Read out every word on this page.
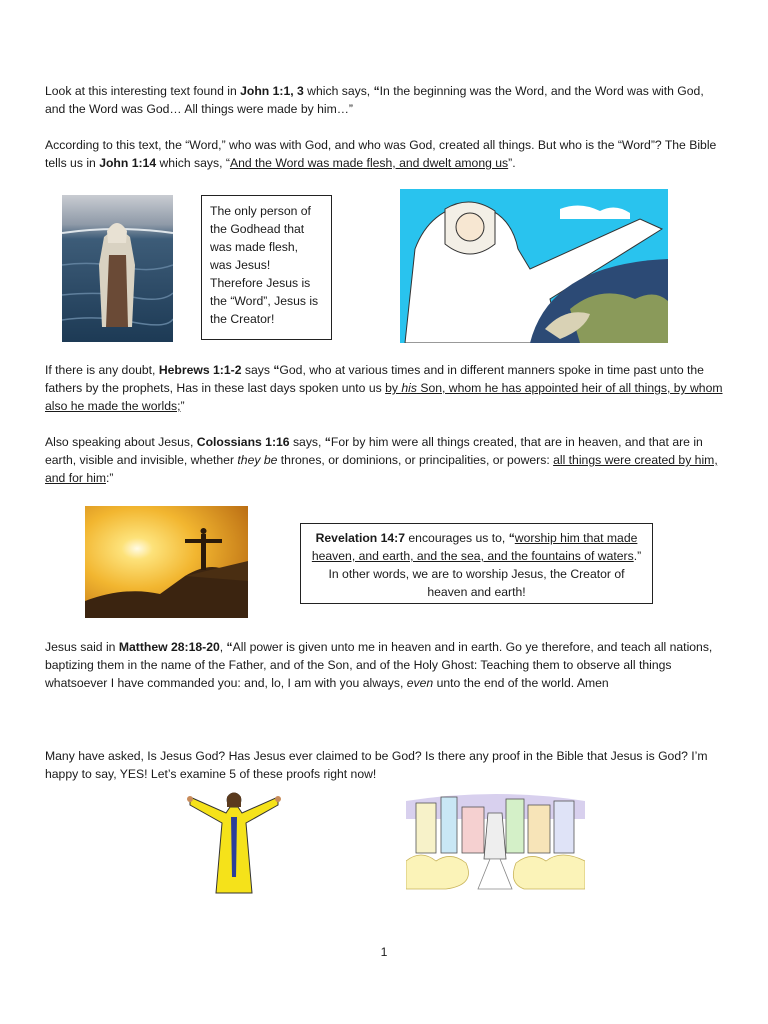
Look at this interesting text found in John 1:1, 3 which says, “In the beginning was the Word, and the Word was with God, and the Word was God… All things were made by him…”

According to this text, the “Word,” who was with God, and who was God, created all things. But who is the “Word”? The Bible tells us in John 1:14 which says, “And the Word was made flesh, and dwelt among us”.

The only person of the Godhead that was made flesh, was Jesus! Therefore Jesus is the “Word”, Jesus is the Creator!

If there is any doubt, Hebrews 1:1-2 says “God, who at various times and in different manners spoke in time past unto the fathers by the prophets, Has in these last days spoken unto us by his Son, whom he has appointed heir of all things, by whom also he made the worlds;”

Also speaking about Jesus, Colossians 1:16 says, “For by him were all things created, that are in heaven, and that are in earth, visible and invisible, whether they be thrones, or dominions, or principalities, or powers: all things were created by him, and for him:”

Revelation 14:7 encourages us to, “worship him that made heaven, and earth, and the sea, and the fountains of waters.” In other words, we are to worship Jesus, the Creator of heaven and earth!

Jesus said in Matthew 28:18-20, “All power is given unto me in heaven and in earth. Go ye therefore, and teach all nations, baptizing them in the name of the Father, and of the Son, and of the Holy Ghost: Teaching them to observe all things whatsoever I have commanded you: and, lo, I am with you always, even unto the end of the world. Amen

Many have asked, Is Jesus God? Has Jesus ever claimed to be God? Is there any proof in the Bible that Jesus is God? I’m happy to say, YES! Let’s examine 5 of these proofs right now!

1
